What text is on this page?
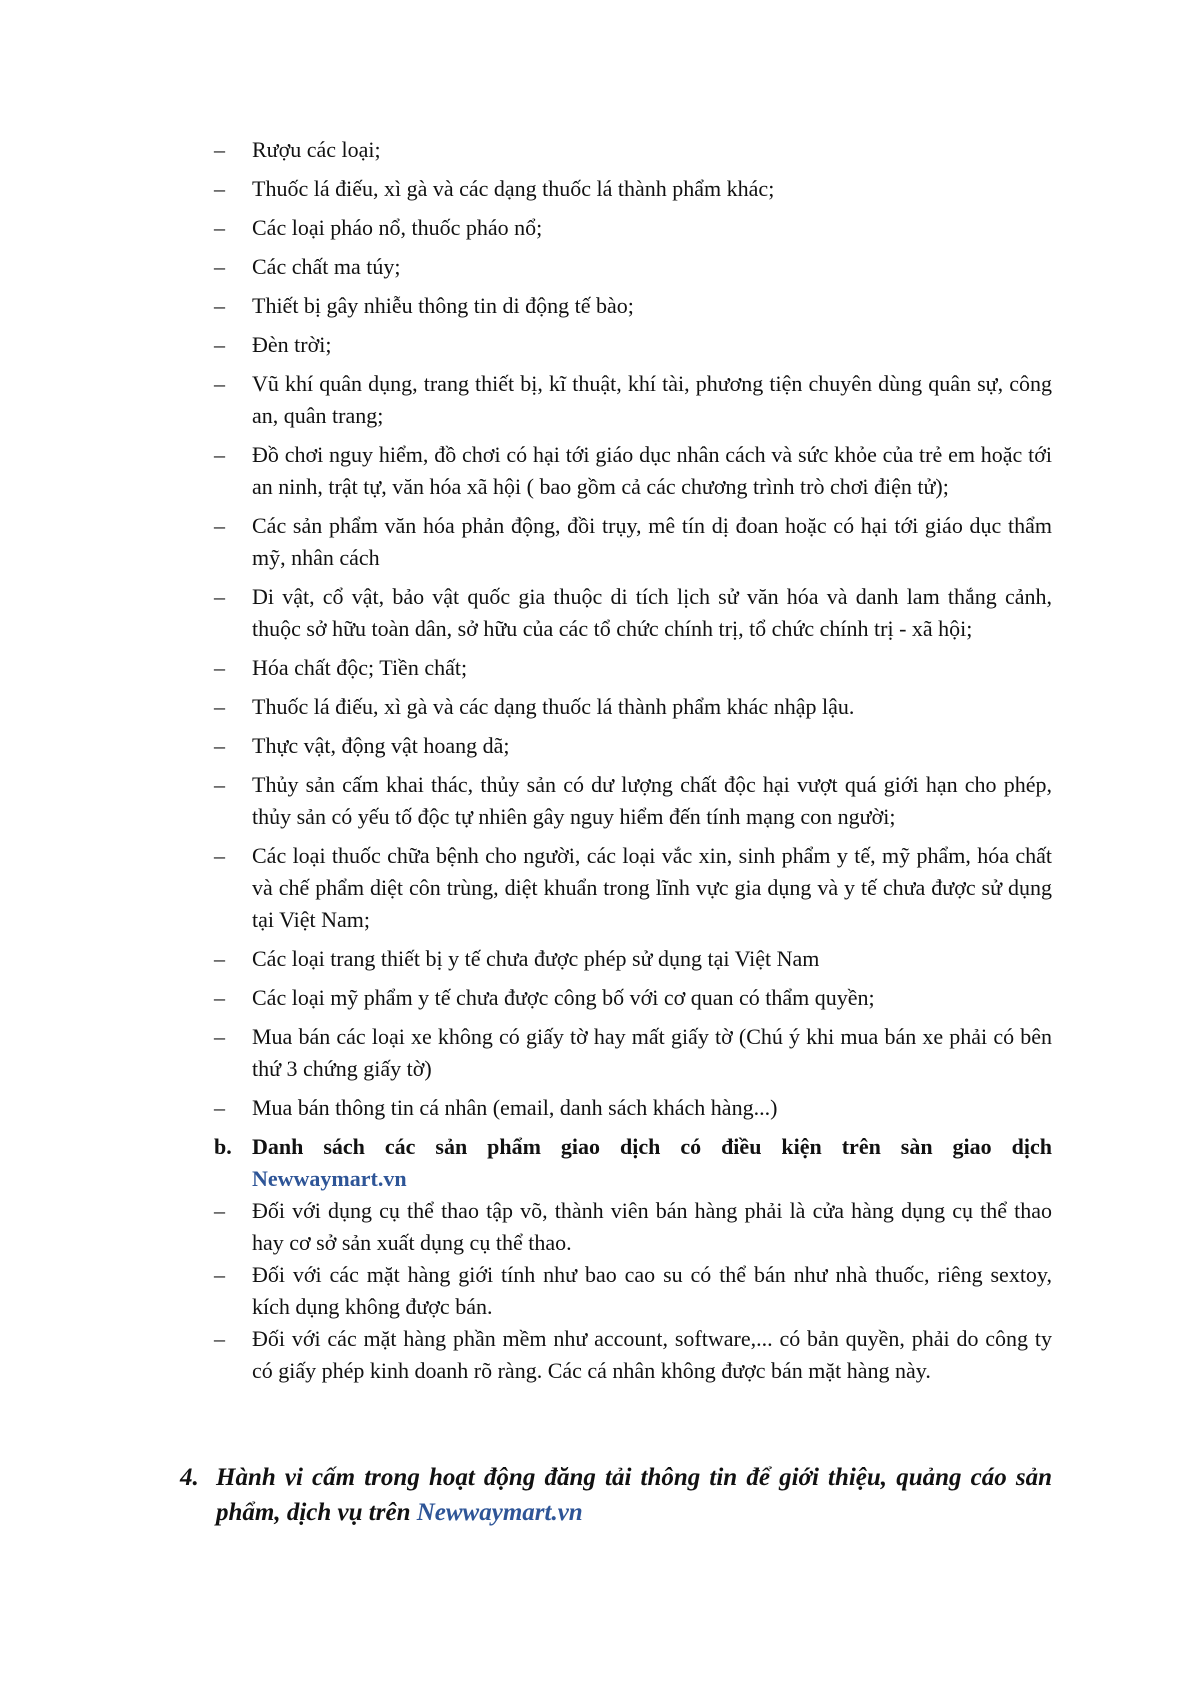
– Rượu các loại;
– Thuốc lá điếu, xì gà và các dạng thuốc lá thành phẩm khác;
– Các loại pháo nổ, thuốc pháo nổ;
– Các chất ma túy;
– Thiết bị gây nhiễu thông tin di động tế bào;
– Đèn trời;
– Vũ khí quân dụng, trang thiết bị, kĩ thuật, khí tài, phương tiện chuyên dùng quân sự, công an, quân trang;
– Đồ chơi nguy hiểm, đồ chơi có hại tới giáo dục nhân cách và sức khỏe của trẻ em hoặc tới an ninh, trật tự, văn hóa xã hội ( bao gồm cả các chương trình trò chơi điện tử);
– Các sản phẩm văn hóa phản động, đồi trụy, mê tín dị đoan hoặc có hại tới giáo dục thẩm mỹ, nhân cách
– Di vật, cổ vật, bảo vật quốc gia thuộc di tích lịch sử văn hóa và danh lam thắng cảnh, thuộc sở hữu toàn dân, sở hữu của các tổ chức chính trị, tổ chức chính trị - xã hội;
– Hóa chất độc; Tiền chất;
– Thuốc lá điếu, xì gà và các dạng thuốc lá thành phẩm khác nhập lậu.
– Thực vật, động vật hoang dã;
– Thủy sản cấm khai thác, thủy sản có dư lượng chất độc hại vượt quá giới hạn cho phép, thủy sản có yếu tố độc tự nhiên gây nguy hiểm đến tính mạng con người;
– Các loại thuốc chữa bệnh cho người, các loại vắc xin, sinh phẩm y tế, mỹ phẩm, hóa chất và chế phẩm diệt côn trùng, diệt khuẩn trong lĩnh vực gia dụng và y tế chưa được sử dụng tại Việt Nam;
– Các loại trang thiết bị y tế chưa được phép sử dụng tại Việt Nam
– Các loại mỹ phẩm y tế chưa được công bố với cơ quan có thẩm quyền;
– Mua bán các loại xe không có giấy tờ hay mất giấy tờ (Chú ý khi mua bán xe phải có bên thứ 3 chứng giấy tờ)
– Mua bán thông tin cá nhân (email, danh sách khách hàng...)
b. Danh sách các sản phẩm giao dịch có điều kiện trên sàn giao dịch Newwaymart.vn
– Đối với dụng cụ thể thao tập võ, thành viên bán hàng phải là cửa hàng dụng cụ thể thao hay cơ sở sản xuất dụng cụ thể thao.
– Đối với các mặt hàng giới tính như bao cao su có thể bán như nhà thuốc, riêng sextoy, kích dụng không được bán.
– Đối với các mặt hàng phần mềm như account, software,... có bản quyền, phải do công ty có giấy phép kinh doanh rõ ràng. Các cá nhân không được bán mặt hàng này.
4. Hành vi cấm trong hoạt động đăng tải thông tin để giới thiệu, quảng cáo sản phẩm, dịch vụ trên Newwaymart.vn
